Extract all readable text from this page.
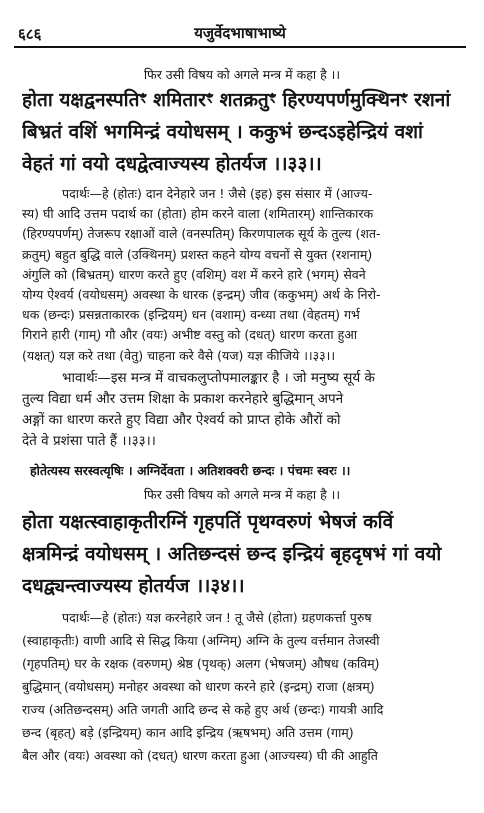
६८६	यजुर्वेदभाषाभाष्ये
फिर उसी विषय को अगले मन्त्र में कहा है ।।
होता यक्षद्वनस्पतिꣳ शमितारꣳ शतक्रतुꣳ हिरण्यपर्णमुक्थिनꣳ रशनां
बिभ्रतं वशिं भगमिन्द्रं वयोधसम् । ककुभं छन्दऽइहेन्द्रियं वशां
वेहतं गां वयो दधद्वेत्वाज्यस्य होतर्यज ।।३३।।
पदार्थः—हे (होतः) दान देनेहारे जन ! जैसे (इह) इस संसार में (आज्य-
स्य) घी आदि उत्तम पदार्थ का (होता) होम करने वाला (शमितारम्) शान्तिकारक
(हिरण्यपर्णम्) तेजरूप रक्षाओं वाले (वनस्पतिम्) किरणपालक सूर्य के तुल्य (शत-
क्रतुम्) बहुत बुद्धि वाले (उक्थिनम्) प्रशस्त कहने योग्य वचनों से युक्त (रशनाम्)
अंगुलि को (बिभ्रतम्) धारण करते हुए (वशिम्) वश में करने हारे (भगम्) सेवने
योग्य ऐश्वर्य (वयोधसम्) अवस्था के धारक (इन्द्रम्) जीव (ककुभम्) अर्थ के निरो-
धक (छन्दः) प्रसन्नताकारक (इन्द्रियम्) धन (वशाम्) वन्ध्या तथा (वेहतम्) गर्भ
गिराने हारी (गाम्) गौ और (वयः) अभीष्ट वस्तु को (दधत्) धारण करता हुआ
(यक्षत्) यज्ञ करे तथा (वेतु) चाहना करे वैसे (यज) यज्ञ कीजिये ।।३३।।
भावार्थः—इस मन्त्र में वाचकलुप्तोपमालङ्कार है । जो मनुष्य सूर्य के
तुल्य विद्या धर्म और उत्तम शिक्षा के प्रकाश करनेहारे बुद्धिमान् अपने
अङ्गों का धारण करते हुए विद्या और ऐश्वर्य को प्राप्त होके औरों को
देते वे प्रशंसा पाते हैं ।।३३।।
होतेत्यस्य सरस्वत्यृषिः । अग्निर्देवता । अतिशक्वरी छन्दः । पंचमः स्वरः ।।
फिर उसी विषय को अगले मन्त्र में कहा है ।।
होता यक्षत्स्वाहाकृतीरग्निं गृहपतिं पृथग्वरुणं भेषजं कविं
क्षत्रमिन्द्रं वयोधसम् । अतिछन्दसं छन्द इन्द्रियं बृहदृषभं गां वयो
दधद्व्यन्त्वाज्यस्य होतर्यज ।।३४।।
पदार्थः—हे (होतः) यज्ञ करनेहारे जन ! तू जैसे (होता) ग्रहणकर्त्ता पुरुष
(स्वाहाकृतीः) वाणी आदि से सिद्ध किया (अग्निम्) अग्नि के तुल्य वर्त्तमान तेजस्वी
(गृहपतिम्) घर के रक्षक (वरुणम्) श्रेष्ठ (पृथक्) अलग (भेषजम्) औषध (कविम्)
बुद्धिमान् (वयोधसम्) मनोहर अवस्था को धारण करने हारे (इन्द्रम्) राजा (क्षत्रम्)
राज्य (अतिछन्दसम्) अति जगती आदि छन्द से कहे हुए अर्थ (छन्दः) गायत्री आदि
छन्द (बृहत्) बड़े (इन्द्रियम्) कान आदि इन्द्रिय (ऋषभम्) अति उत्तम (गाम्)
बैल और (वयः) अवस्था को (दधत्) धारण करता हुआ (आज्यस्य) घी की आहुति
